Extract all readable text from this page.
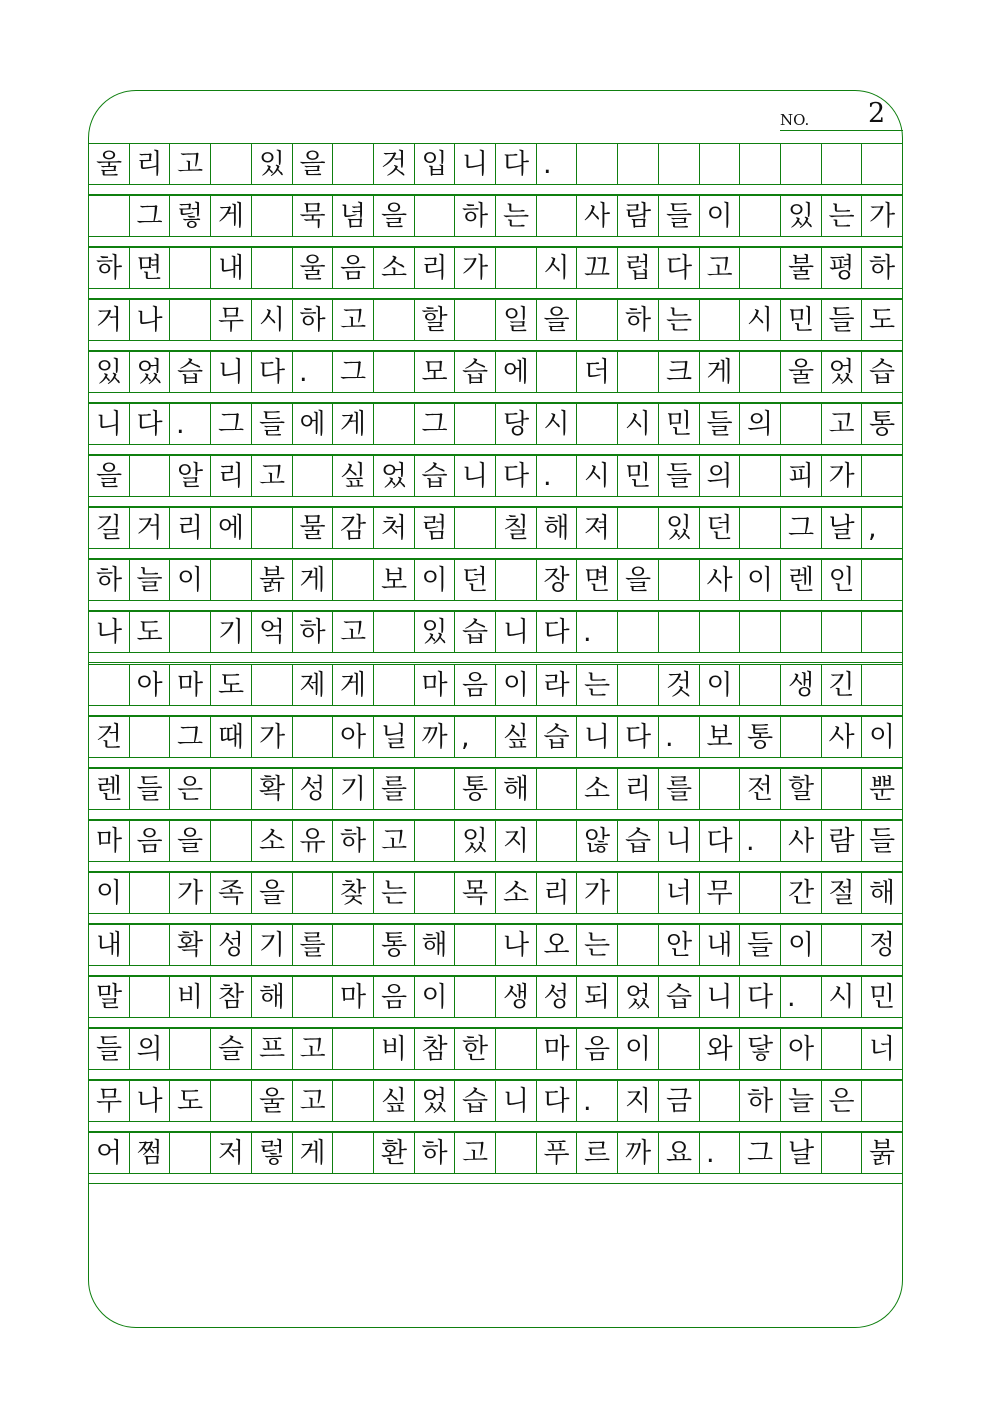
NO. 2
울 리 고 있 을 것 입 니 다 .
그 렇 게 묵 념 을 하 는 사 람 들 이 있 는 가
하 면 내 울 음 소 리 가 시 끄 럽 다 고 불 평 하
거 나 무 시 하 고 할 일 을 하 는 시 민 들 도
있 었 습 니 다 .	그 모 습 에 더 크 게 울 었 습
니 다 .	그 들 에 게 그 당 시 시 민 들 의 고 통
을 알 리 고 싶 었 습 니 다 .	시 민 들 의 피 가
길 거 리 에 물 감 처 럼 칠 해 져 있 던 그 날 ,
하 늘 이 붉 게 보 이 던 장 면 을 사 이 렌 인
나 도 기 억 하 고 있 습 니 다 .
아 마 도 제 게 마 음 이 라 는 것 이 생 긴
건 그 때 가 아 닐 까 ,	싶 습 니 다 .	보 통 사 이
렌 들 은 확 성 기 를 통 해 소 리 를 전 할 뿐
마 음 을 소 유 하 고 있 지 않 습 니 다 .	사 람 들
이 가 족 을 찾 는 목 소 리 가 너 무 간 절 해
내 확 성 기 를 통 해 나 오 는 안 내 들 이 정
말 비 참 해 마 음 이 생 성 되 었 습 니 다 .	시 민
들 의 슬 프 고 비 참 한 마 음 이 와 닿 아 너
무 나 도 울 고 싶 었 습 니 다 .	지 금 하 늘 은
어 쩜 저 렇 게 환 하 고 푸 르 까 요 .	그 날 붉
